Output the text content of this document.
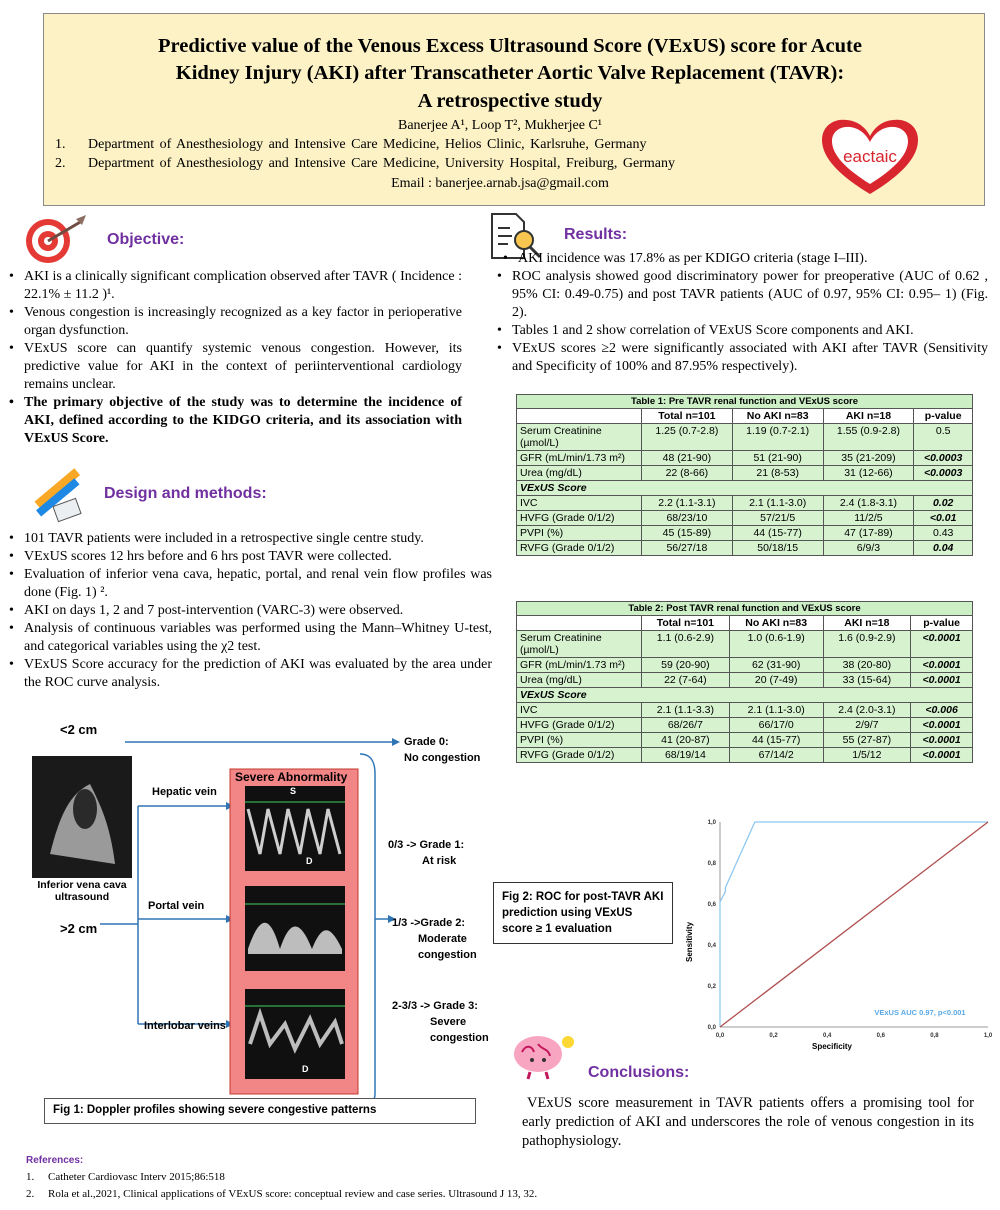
Predictive value of the Venous Excess Ultrasound Score (VExUS) score for Acute
Kidney Injury (AKI) after Transcatheter Aortic Valve Replacement (TAVR):
A retrospective study
Banerjee A¹, Loop T², Mukherjee C¹
1. Department of Anesthesiology and Intensive Care Medicine, Helios Clinic, Karlsruhe, Germany
2. Department of Anesthesiology and Intensive Care Medicine, University Hospital, Freiburg, Germany
Email : banerjee.arnab.jsa@gmail.com
eactaic
Objective:
• AKI is a clinically significant complication observed after TAVR ( Incidence : 22.1% ± 11.2 )¹.
• Venous congestion is increasingly recognized as a key factor in perioperative organ dysfunction.
• VExUS score can quantify systemic venous congestion. However, its predictive value for AKI in the context of periinterventional cardiology remains unclear.
• The primary objective of the study was to determine the incidence of AKI, defined according to the KIDGO criteria, and its association with VExUS Score.
Design and methods:
• 101 TAVR patients were included in a retrospective single centre study.
• VExUS scores 12 hrs before and 6 hrs post TAVR were collected.
• Evaluation of inferior vena cava, hepatic, portal, and renal vein flow profiles was done (Fig. 1) ².
• AKI on days 1, 2 and 7 post-intervention (VARC-3) were observed.
• Analysis of continuous variables was performed using the Mann–Whitney U-test, and categorical variables using the χ2 test.
• VExUS Score accuracy for the prediction of AKI was evaluated by the area under the ROC curve analysis.
<2 cm
>2 cm
Inferior vena cava ultrasound
Hepatic vein
Portal vein
Interlobar veins
Severe Abnormality
S
D
D
Grade 0:
No congestion
0/3 -> Grade 1:
At risk
1/3 ->Grade 2:
Moderate
congestion
2-3/3 -> Grade 3:
Severe
congestion
Fig 1: Doppler profiles showing severe congestive patterns
Results:
• AKI incidence was 17.8% as per KDIGO criteria (stage I–III).
• ROC analysis showed good discriminatory power for preoperative (AUC of 0.62 , 95% CI: 0.49-0.75) and post TAVR patients (AUC of 0.97, 95% CI: 0.95– 1) (Fig. 2).
• Tables 1 and 2 show correlation of VExUS Score components and AKI.
• VExUS scores ≥2 were significantly associated with AKI after TAVR (Sensitivity and Specificity of 100% and 87.95% respectively).
Table 1: Pre TAVR renal function and VExUS score				
	Total n=101	No AKI n=83	AKI n=18	p-value
Serum Creatinine (µmol/L)	1.25 (0.7-2.8)	1.19 (0.7-2.1)	1.55 (0.9-2.8)	0.5
GFR (mL/min/1.73 m²)	48 (21-90)	51 (21-90)	35 (21-209)	<0.0003
Urea (mg/dL)	22 (8-66)	21 (8-53)	31 (12-66)	<0.0003
VExUS Score				
IVC	2.2 (1.1-3.1)	2.1 (1.1-3.0)	2.4 (1.8-3.1)	0.02
HVFG (Grade 0/1/2)	68/23/10	57/21/5	11/2/5	<0.01
PVPI (%)	45 (15-89)	44 (15-77)	47 (17-89)	0.43
RVFG (Grade 0/1/2)	56/27/18	50/18/15	6/9/3	0.04
Table 2: Post TAVR renal function and VExUS score				
	Total n=101	No AKI n=83	AKI n=18	p-value
Serum Creatinine (µmol/L)	1.1 (0.6-2.9)	1.0 (0.6-1.9)	1.6 (0.9-2.9)	<0.0001
GFR (mL/min/1.73 m²)	59 (20-90)	62 (31-90)	38 (20-80)	<0.0001
Urea (mg/dL)	22 (7-64)	20 (7-49)	33 (15-64)	<0.0001
VExUS Score				
IVC	2.1 (1.1-3.3)	2.1 (1.1-3.0)	2.4 (2.0-3.1)	<0.006
HVFG (Grade 0/1/2)	68/26/7	66/17/0	2/9/7	<0.0001
PVPI (%)	41 (20-87)	44 (15-77)	55 (27-87)	<0.0001
RVFG (Grade 0/1/2)	68/19/14	67/14/2	1/5/12	<0.0001
Fig 2: ROC for post-TAVR AKI prediction using VExUS score ≥ 1 evaluation	Sensitivity
Specificity
VExUS AUC 0.97, p<0.001
0,0	0,2	0,4	0,6	0,8	1,0
0,0
0,2
0,4
0,6
0,8
1,0
Conclusions:
VExUS score measurement in TAVR patients offers a promising tool for early prediction of AKI and underscores the role of venous congestion in its pathophysiology.
References:
1. Catheter Cardiovasc Interv 2015;86:518
2. Rola et al.,2021, Clinical applications of VExUS score: conceptual review and case series. Ultrasound J 13, 32.
